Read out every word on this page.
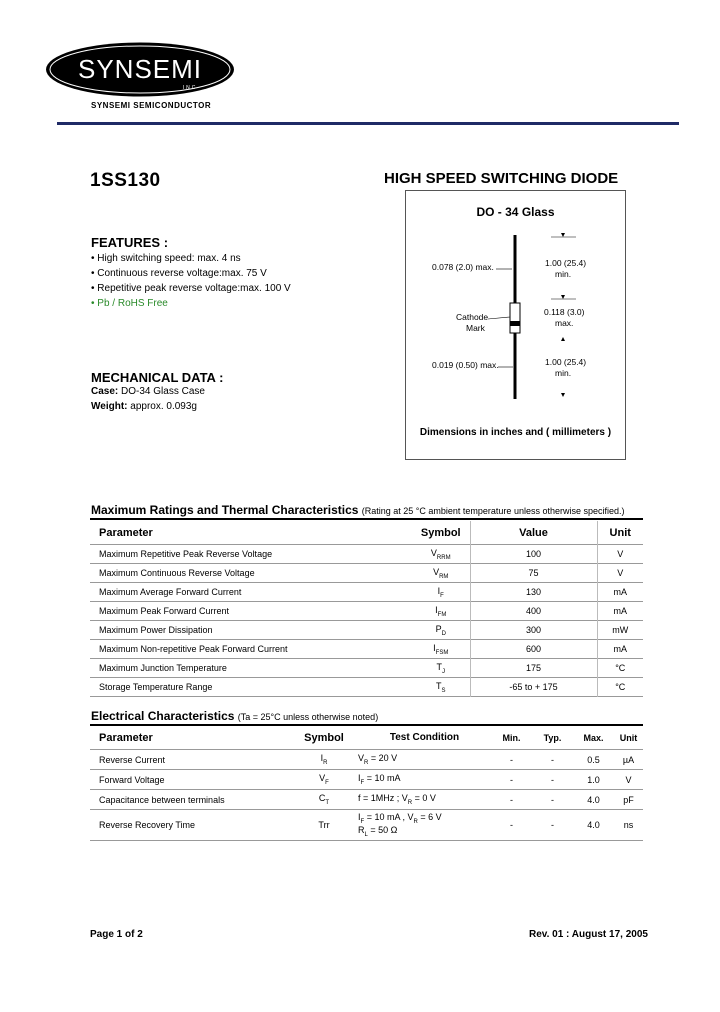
SYNSEMI
INC
SYNSEMI SEMICONDUCTOR
1SS130	HIGH SPEED SWITCHING DIODE
DO - 34 Glass
0.078 (2.0) max.
0.019 (0.50) max.
Cathode
Mark
1.00 (25.4)
min.
0.118 (3.0)
max.
1.00 (25.4)
min.
Dimensions in inches and ( millimeters )
FEATURES :
• High switching speed: max. 4 ns
• Continuous reverse voltage:max. 75 V
• Repetitive peak reverse voltage:max. 100 V
• Pb / RoHS Free
MECHANICAL DATA :
Case: DO-34 Glass Case
Weight: approx. 0.093g
Maximum Ratings and Thermal Characteristics (Rating at 25 °C ambient temperature unless otherwise specified.)
Parameter	Symbol	Value	Unit
Maximum Repetitive Peak Reverse Voltage	$V_{RRM}$	100	V
Maximum Continuous Reverse Voltage	$V_{RM}$	75	V
Maximum Average Forward Current	$I_F$	130	mA
Maximum Peak Forward Current	$I_{FM}$	400	mA
Maximum Power Dissipation	$P_D$	300	mW
Maximum Non-repetitive Peak Forward Current	$I_{FSM}$	600	mA
Maximum Junction Temperature	$T_J$	175	°C
Storage Temperature Range	$T_S$	-65 to + 175	°C
Electrical Characteristics (Ta = 25°C unless otherwise noted)
Parameter	Symbol	Test Condition	Min.	Typ.	Max.	Unit
Reverse Current	$I_R$	$V_R = 20$ V	-	-	0.5	µA
Forward Voltage	$V_F$	$I_F = 10$ mA	-	-	1.0	V
Capacitance between terminals	$C_T$	f = 1MHz ; $V_R = 0$ V	-	-	4.0	pF
Reverse Recovery Time	Trr	$I_F = 10$ mA , $V_R = 6$ V
$R_L = 50$ Ω	-	-	4.0	ns
Page 1 of 2	Rev. 01 : August 17, 2005
